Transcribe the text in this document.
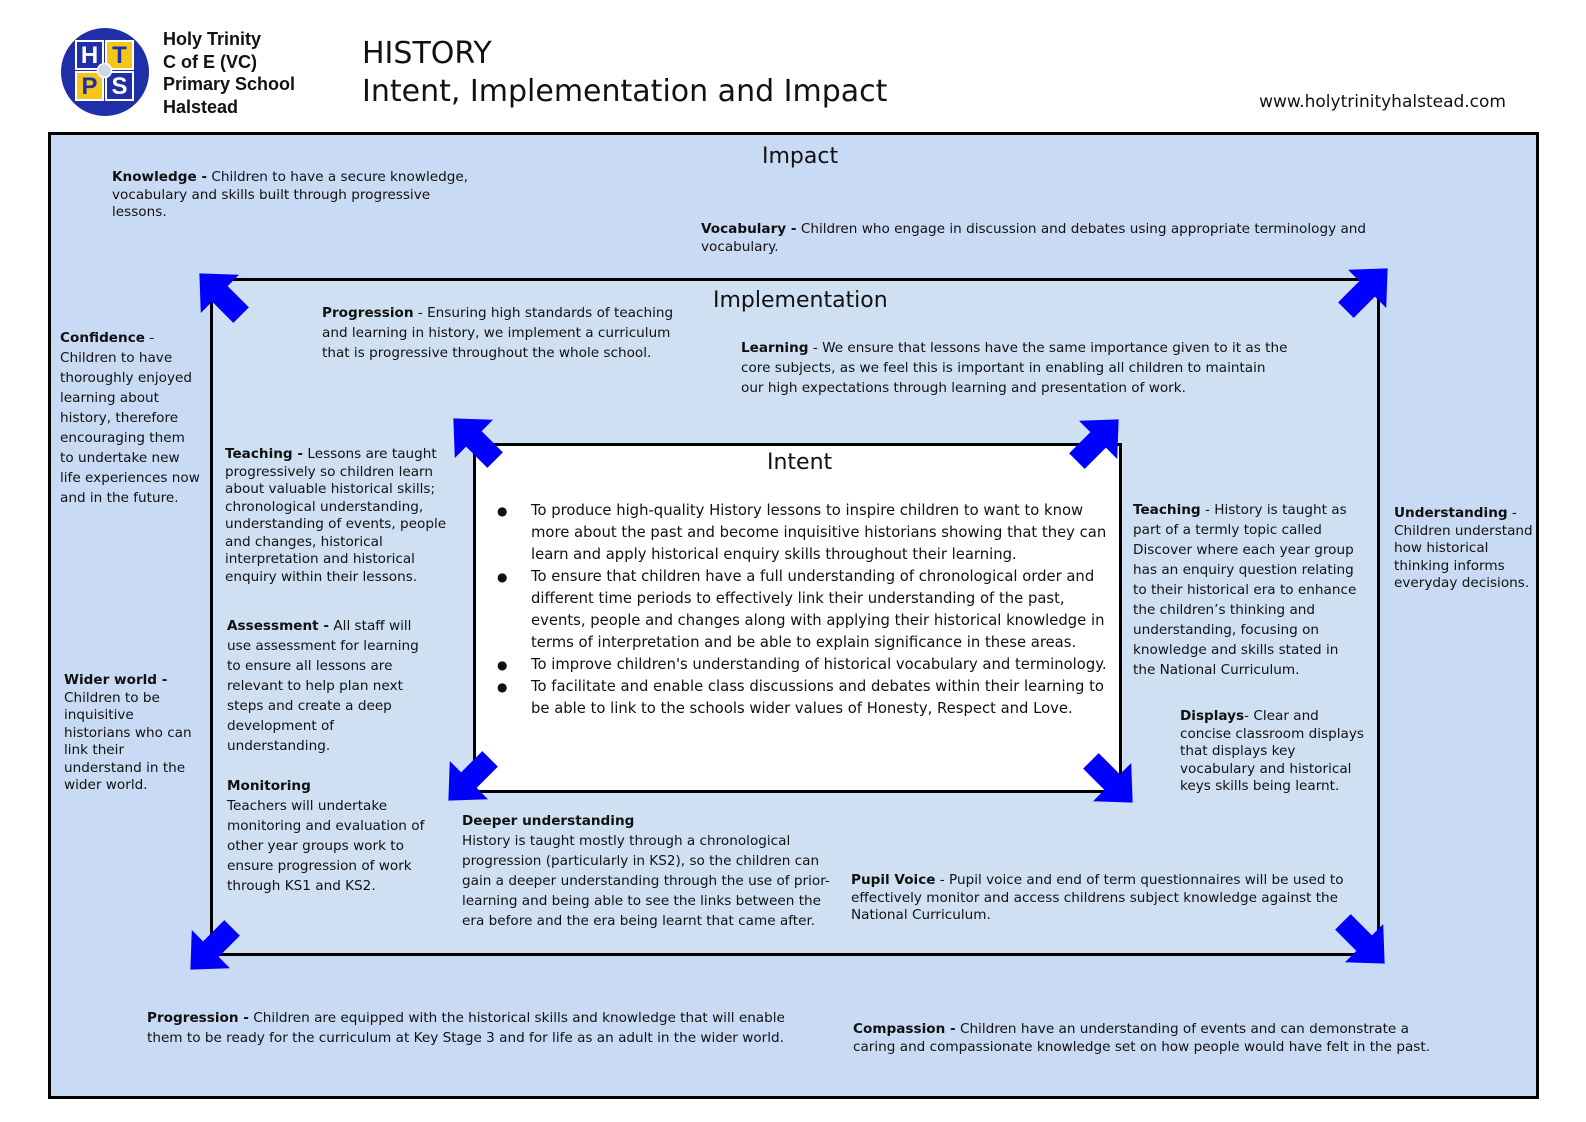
H T
P S
Holy Trinity
C of E (VC)
Primary School
Halstead
HISTORY
Intent, Implementation and Impact	www.holytrinityhalstead.com
Impact
Implementation
Intent
Knowledge - Children to have a secure knowledge, vocabulary and skills built through progressive lessons.
Vocabulary - Children who engage in discussion and debates using appropriate terminology and vocabulary.
Confidence - Children to have thoroughly enjoyed learning about history, therefore encouraging them to undertake new life experiences now and in the future.
Wider world - Children to be inquisitive historians who can link their understand in the wider world.
Understanding - Children understand how historical thinking informs everyday decisions.
Progression - Children are equipped with the historical skills and knowledge that will enable them to be ready for the curriculum at Key Stage 3 and for life as an adult in the wider world.
Compassion - Children have an understanding of events and can demonstrate a caring and compassionate knowledge set on how people would have felt in the past.
Progression - Ensuring high standards of teaching and learning in history, we implement a curriculum that is progressive throughout the whole school.	Learning - We ensure that lessons have the same importance given to it as the core subjects, as we feel this is important in enabling all children to maintain our high expectations through learning and presentation of work.
Teaching - Lessons are taught progressively so children learn about valuable historical skills; chronological understanding, understanding of events, people and changes, historical interpretation and historical enquiry within their lessons.
Assessment - All staff will use assessment for learning to ensure all lessons are relevant to help plan next steps and create a deep development of understanding.
Monitoring
Teachers will undertake monitoring and evaluation of other year groups work to ensure progression of work through KS1 and KS2.
Deeper understanding
History is taught mostly through a chronological progression (particularly in KS2), so the children can gain a deeper understanding through the use of prior-learning and being able to see the links between the era before and the era being learnt that came after.
Teaching - History is taught as part of a termly topic called Discover where each year group has an enquiry question relating to their historical era to enhance the children’s thinking and understanding, focusing on knowledge and skills stated in the National Curriculum.
Displays- Clear and concise classroom displays that displays key vocabulary and historical keys skills being learnt.
Pupil Voice - Pupil voice and end of term questionnaires will be used to effectively monitor and access childrens subject knowledge against the National Curriculum.
● To produce high-quality History lessons to inspire children to want to know more about the past and become inquisitive historians showing that they can learn and apply historical enquiry skills throughout their learning.
● To ensure that children have a full understanding of chronological order and different time periods to effectively link their understanding of the past, events, people and changes along with applying their historical knowledge in terms of interpretation and be able to explain significance in these areas.
● To improve children's understanding of historical vocabulary and terminology.
● To facilitate and enable class discussions and debates within their learning to be able to link to the schools wider values of Honesty, Respect and Love.
